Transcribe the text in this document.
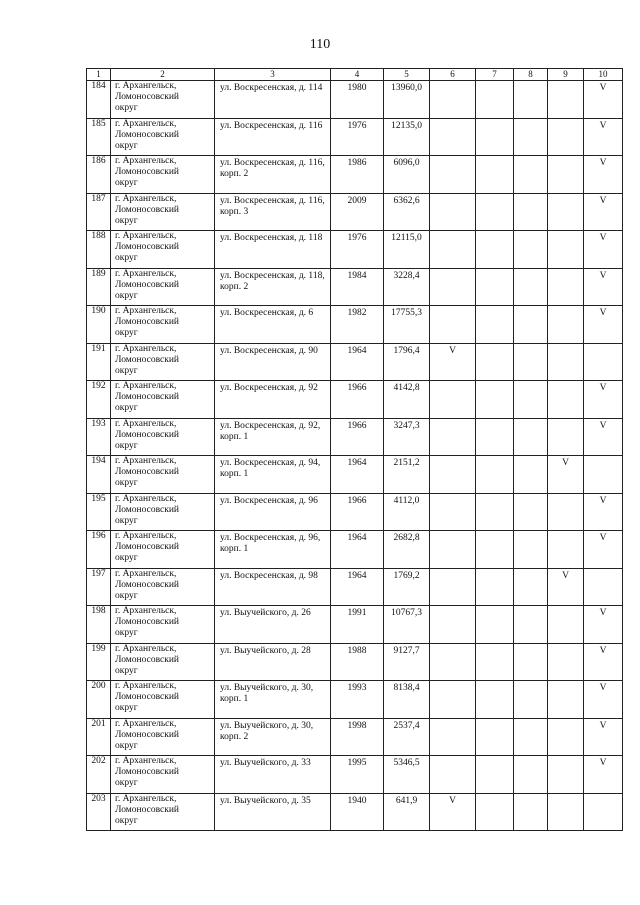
110
1	2	3	4	5	6	7	8	9	10
184	г. Архангельск,
Ломоносовский
округ	ул. Воскресенская, д. 114	1980	13960,0					V
185	г. Архангельск,
Ломоносовский
округ	ул. Воскресенская, д. 116	1976	12135,0					V
186	г. Архангельск,
Ломоносовский
округ	ул. Воскресенская, д. 116, корп. 2	1986	6096,0					V
187	г. Архангельск,
Ломоносовский
округ	ул. Воскресенская, д. 116, корп. 3	2009	6362,6					V
188	г. Архангельск,
Ломоносовский
округ	ул. Воскресенская, д. 118	1976	12115,0					V
189	г. Архангельск,
Ломоносовский
округ	ул. Воскресенская, д. 118, корп. 2	1984	3228,4					V
190	г. Архангельск,
Ломоносовский
округ	ул. Воскресенская, д. 6	1982	17755,3					V
191	г. Архангельск,
Ломоносовский
округ	ул. Воскресенская, д. 90	1964	1796,4	V				
192	г. Архангельск,
Ломоносовский
округ	ул. Воскресенская, д. 92	1966	4142,8					V
193	г. Архангельск,
Ломоносовский
округ	ул. Воскресенская, д. 92, корп. 1	1966	3247,3					V
194	г. Архангельск,
Ломоносовский
округ	ул. Воскресенская, д. 94, корп. 1	1964	2151,2				V	
195	г. Архангельск,
Ломоносовский
округ	ул. Воскресенская, д. 96	1966	4112,0					V
196	г. Архангельск,
Ломоносовский
округ	ул. Воскресенская, д. 96, корп. 1	1964	2682,8					V
197	г. Архангельск,
Ломоносовский
округ	ул. Воскресенская, д. 98	1964	1769,2				V	
198	г. Архангельск,
Ломоносовский
округ	ул. Выучейского, д. 26	1991	10767,3					V
199	г. Архангельск,
Ломоносовский
округ	ул. Выучейского, д. 28	1988	9127,7					V
200	г. Архангельск,
Ломоносовский
округ	ул. Выучейского, д. 30, корп. 1	1993	8138,4					V
201	г. Архангельск,
Ломоносовский
округ	ул. Выучейского, д. 30, корп. 2	1998	2537,4					V
202	г. Архангельск,
Ломоносовский
округ	ул. Выучейского, д. 33	1995	5346,5					V
203	г. Архангельск,
Ломоносовский
округ	ул. Выучейского, д. 35	1940	641,9	V				
